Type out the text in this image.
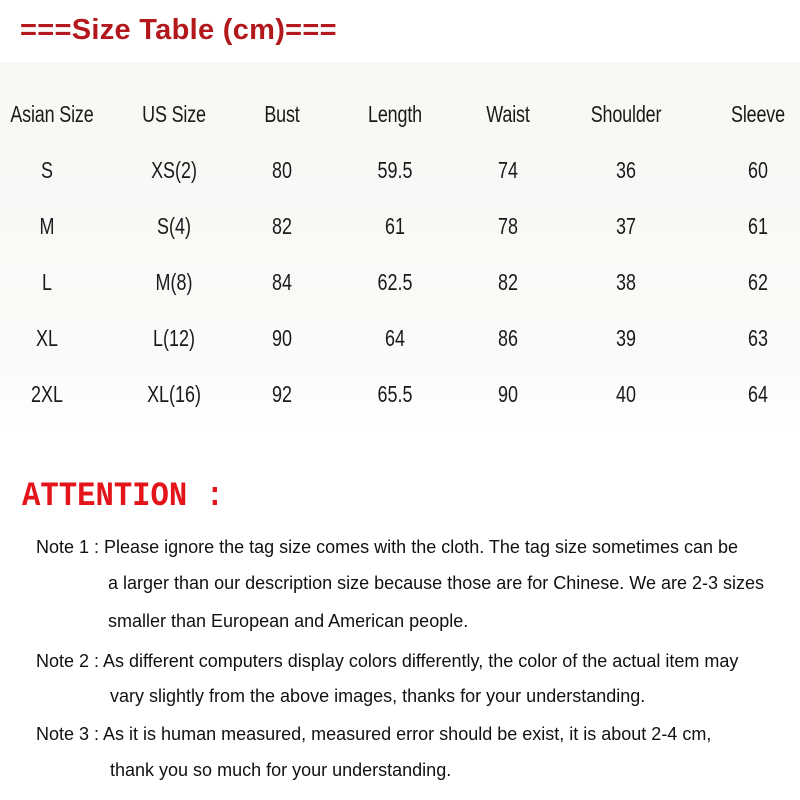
===Size Table (cm)===
Asian Size	US Size	Bust	Length	Waist	Shoulder	Sleeve
S	XS(2)	80	59.5	74	36	60
M	S(4)	82	61	78	37	61
L	M(8)	84	62.5	82	38	62
XL	L(12)	90	64	86	39	63
2XL	XL(16)	92	65.5	90	40	64
ATTENTION :
Note 1 : Please ignore the tag size comes with the cloth. The tag size sometimes can be
a larger than our description size because those are for Chinese. We are 2-3 sizes
smaller than European and American people.
Note 2 : As different computers display colors differently, the color of the actual item may
vary slightly from the above images, thanks for your understanding.
Note 3 : As it is human measured, measured error should be exist, it is about 2-4 cm,
thank you so much for your understanding.
